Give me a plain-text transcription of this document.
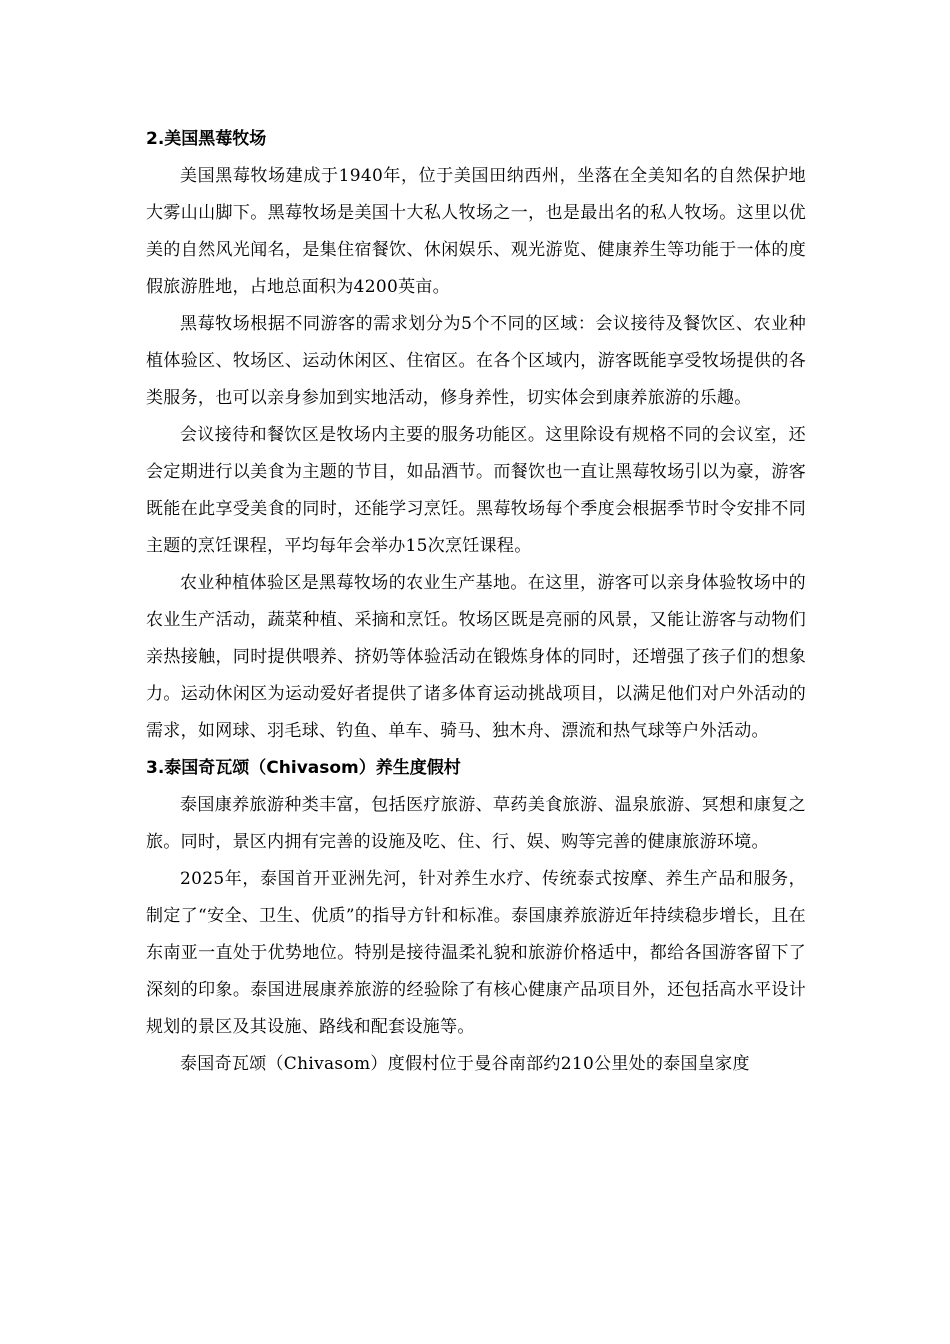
2.美国黑莓牧场

美国黑莓牧场建成于1940年，位于美国田纳西州，坐落在全美知名的自然保护地大雾山山脚下。黑莓牧场是美国十大私人牧场之一，也是最出名的私人牧场。这里以优美的自然风光闻名，是集住宿餐饮、休闲娱乐、观光游览、健康养生等功能于一体的度假旅游胜地，占地总面积为4200英亩。

黑莓牧场根据不同游客的需求划分为5个不同的区域：会议接待及餐饮区、农业种植体验区、牧场区、运动休闲区、住宿区。在各个区域内，游客既能享受牧场提供的各类服务，也可以亲身参加到实地活动，修身养性，切实体会到康养旅游的乐趣。

会议接待和餐饮区是牧场内主要的服务功能区。这里除设有规格不同的会议室，还会定期进行以美食为主题的节目，如品酒节。而餐饮也一直让黑莓牧场引以为豪，游客既能在此享受美食的同时，还能学习烹饪。黑莓牧场每个季度会根据季节时令安排不同主题的烹饪课程，平均每年会举办15次烹饪课程。

农业种植体验区是黑莓牧场的农业生产基地。在这里，游客可以亲身体验牧场中的农业生产活动，蔬菜种植、采摘和烹饪。牧场区既是亮丽的风景，又能让游客与动物们亲热接触，同时提供喂养、挤奶等体验活动在锻炼身体的同时，还增强了孩子们的想象力。运动休闲区为运动爱好者提供了诸多体育运动挑战项目，以满足他们对户外活动的需求，如网球、羽毛球、钓鱼、单车、骑马、独木舟、漂流和热气球等户外活动。

3.泰国奇瓦颂（Chivasom）养生度假村

泰国康养旅游种类丰富，包括医疗旅游、草药美食旅游、温泉旅游、冥想和康复之旅。同时，景区内拥有完善的设施及吃、住、行、娱、购等完善的健康旅游环境。

2025年，泰国首开亚洲先河，针对养生水疗、传统泰式按摩、养生产品和服务，制定了“安全、卫生、优质”的指导方针和标准。泰国康养旅游近年持续稳步增长，且在东南亚一直处于优势地位。特别是接待温柔礼貌和旅游价格适中，都给各国游客留下了深刻的印象。泰国进展康养旅游的经验除了有核心健康产品项目外，还包括高水平设计规划的景区及其设施、路线和配套设施等。

泰国奇瓦颂（Chivasom）度假村位于曼谷南部约210公里处的泰国皇家度
